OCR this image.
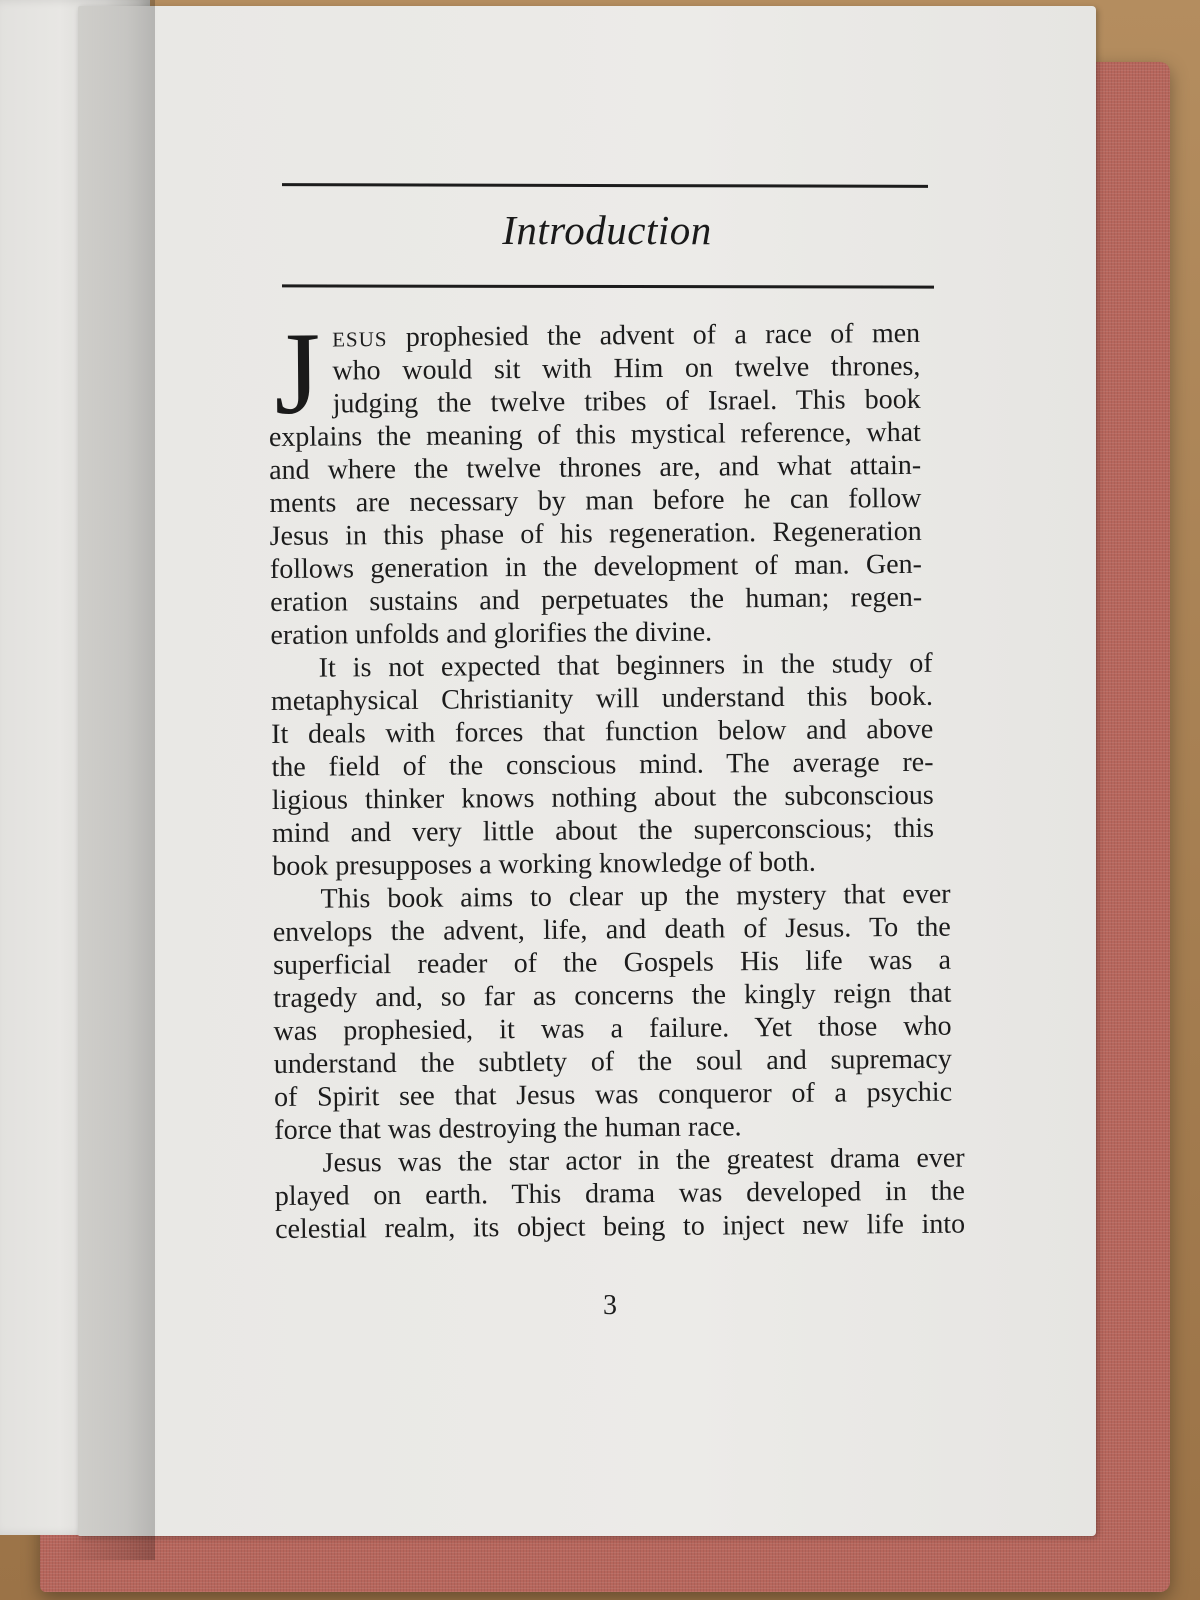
Introduction
J ESUS prophesied the advent of a race of men
who would sit with Him on twelve thrones,
judging the twelve tribes of Israel. This book
explains the meaning of this mystical reference, what
and where the twelve thrones are, and what attain-
ments are necessary by man before he can follow
Jesus in this phase of his regeneration. Regeneration
follows generation in the development of man. Gen-
eration sustains and perpetuates the human; regen-
eration unfolds and glorifies the divine.
It is not expected that beginners in the study of
metaphysical Christianity will understand this book.
It deals with forces that function below and above
the field of the conscious mind. The average re-
ligious thinker knows nothing about the subconscious
mind and very little about the superconscious; this
book presupposes a working knowledge of both.
This book aims to clear up the mystery that ever
envelops the advent, life, and death of Jesus. To the
superficial reader of the Gospels His life was a
tragedy and, so far as concerns the kingly reign that
was prophesied, it was a failure. Yet those who
understand the subtlety of the soul and supremacy
of Spirit see that Jesus was conqueror of a psychic
force that was destroying the human race.
Jesus was the star actor in the greatest drama ever
played on earth. This drama was developed in the
celestial realm, its object being to inject new life into
3
